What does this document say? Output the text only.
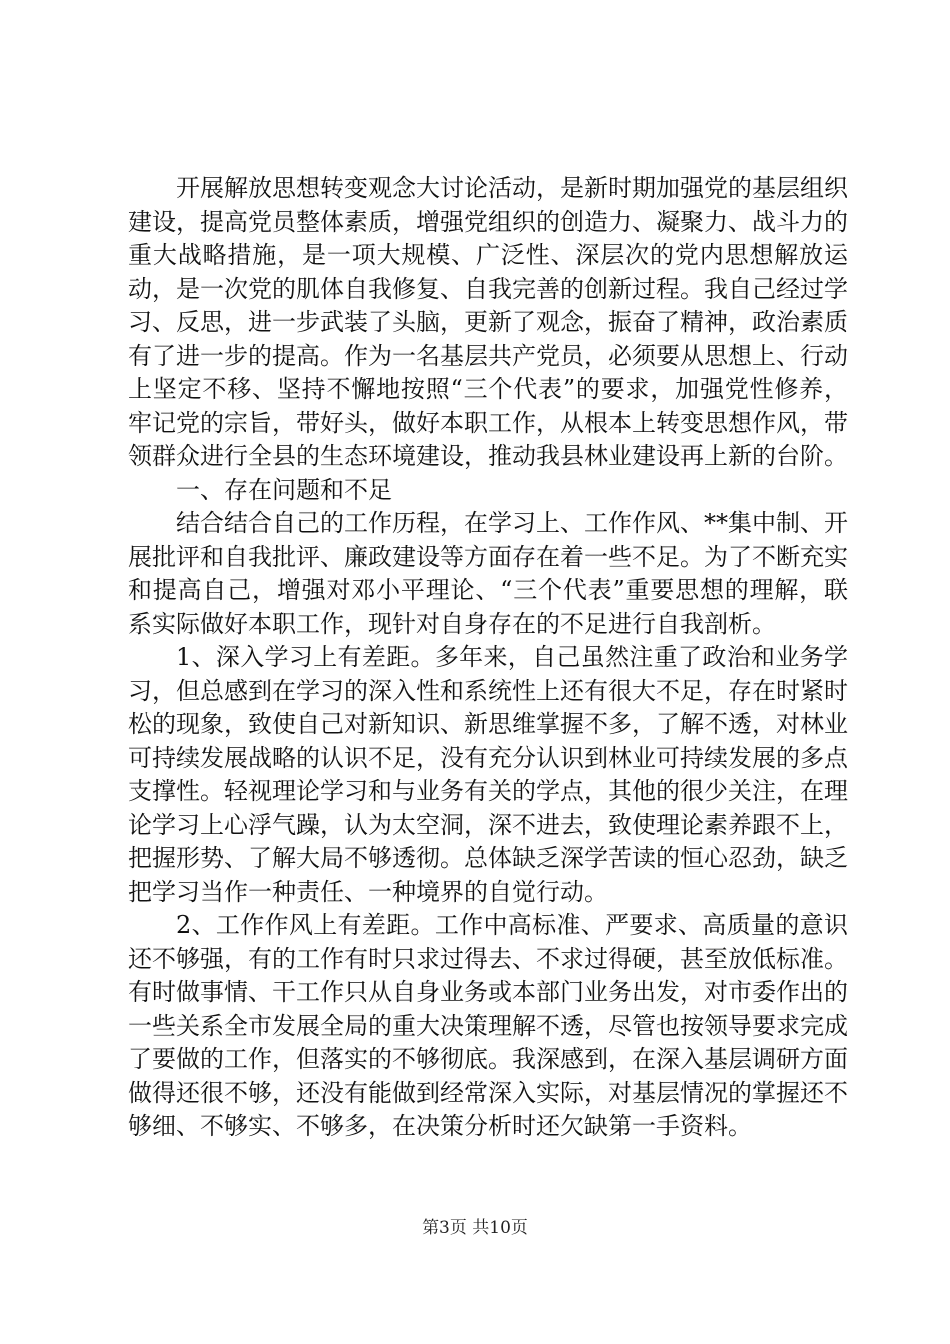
开展解放思想转变观念大讨论活动，是新时期加强党的基层组织建设，提高党员整体素质，增强党组织的创造力、凝聚力、战斗力的重大战略措施，是一项大规模、广泛性、深层次的党内思想解放运动，是一次党的肌体自我修复、自我完善的创新过程。我自己经过学习、反思，进一步武装了头脑，更新了观念，振奋了精神，政治素质有了进一步的提高。作为一名基层共产党员，必须要从思想上、行动上坚定不移、坚持不懈地按照“三个代表”的要求，加强党性修养，牢记党的宗旨，带好头，做好本职工作，从根本上转变思想作风，带领群众进行全县的生态环境建设，推动我县林业建设再上新的台阶。

一、存在问题和不足

结合结合自己的工作历程，在学习上、工作作风、**集中制、开展批评和自我批评、廉政建设等方面存在着一些不足。为了不断充实和提高自己，增强对邓小平理论、“三个代表”重要思想的理解，联系实际做好本职工作，现针对自身存在的不足进行自我剖析。

1、深入学习上有差距。多年来，自己虽然注重了政治和业务学习，但总感到在学习的深入性和系统性上还有很大不足，存在时紧时松的现象，致使自己对新知识、新思维掌握不多，了解不透，对林业可持续发展战略的认识不足，没有充分认识到林业可持续发展的多点支撑性。轻视理论学习和与业务有关的学点，其他的很少关注，在理论学习上心浮气躁，认为太空洞，深不进去，致使理论素养跟不上，把握形势、了解大局不够透彻。总体缺乏深学苦读的恒心忍劲，缺乏把学习当作一种责任、一种境界的自觉行动。

2、工作作风上有差距。工作中高标准、严要求、高质量的意识还不够强，有的工作有时只求过得去、不求过得硬，甚至放低标准。有时做事情、干工作只从自身业务或本部门业务出发，对市委作出的一些关系全市发展全局的重大决策理解不透，尽管也按领导要求完成了要做的工作，但落实的不够彻底。我深感到，在深入基层调研方面做得还很不够，还没有能做到经常深入实际，对基层情况的掌握还不够细、不够实、不够多，在决策分析时还欠缺第一手资料。

第3页 共10页
